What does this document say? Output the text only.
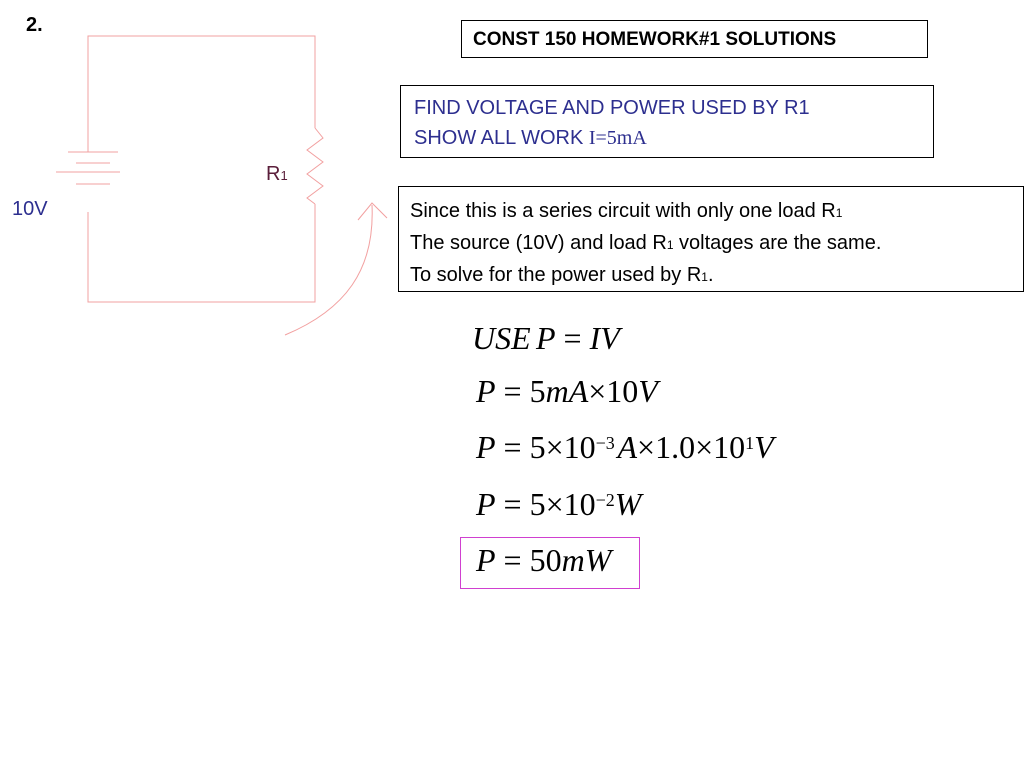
2.
CONST 150 HOMEWORK#1 SOLUTIONS
FIND VOLTAGE AND POWER USED BY R1
SHOW ALL WORK I=5mA
Since this is a series circuit with only one load R1
The source (10V) and load R1 voltages are the same.
To solve for the power used by R1.
R1
10V
USE   P = IV
P = 5mA×10V
$P = 5\times 10^{-3}$ $A\times 1.0\times 10^1V$
$P = 5\times 10^{-2}W$
P = 50mW
